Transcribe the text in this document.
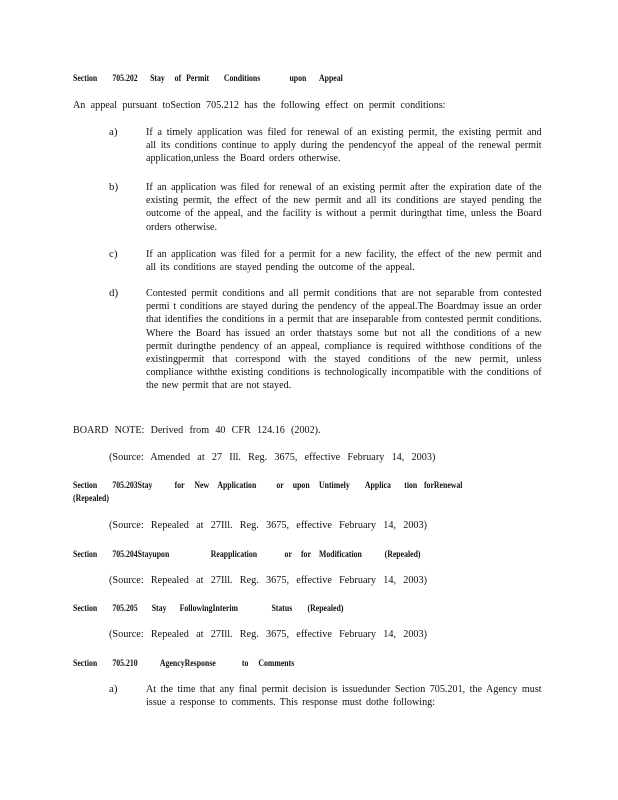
Section 705.202 Stay of Permit Conditions	upon Appeal
An appeal pursuant toSection 705.212 has the following effect on permit conditions:
a)	If a timely application was filed for renewal of an existing permit, the existing permit and all its conditions continue to apply during the pendencyof the appeal of the renewal permit application,unless the Board orders otherwise.
b)	If an application was filed for renewal of an existing permit after the expiration date of the existing permit, the effect of the new permit and all its conditions are stayed pending the outcome of the appeal, and the facility is without a permit duringthat time, unless the Board orders otherwise.
c)	If an application was filed for a permit for a new facility, the effect of the new permit and all its conditions are stayed pending the outcome of the appeal.
d)	Contested permit conditions and all permit conditions that are not separable from contested permi t conditions are stayed during the pendency of the appeal.The Boardmay issue an order that identifies the conditions in a permit that are inseparable from contested permit conditions. Where the Board has issued an order thatstays some but not all the conditions of a new permit duringthe pendency of an appeal, compliance is required withthose conditions of the existingpermit that correspond with the stayed conditions of the new permit, unless compliance withthe existing conditions is technologically incompatible with the conditions of the new permit that are not stayed.
BOARD NOTE: Derived from 40 CFR 124.16 (2002).
(Source: Amended at 27 Ill. Reg. 3675, effective February 14, 2003)
Section 705.203Stay for New Application or upon Untimely Applica tion forRenewal
(Repealed)
(Source: Repealed at 27Ill. Reg. 3675, effective February 14, 2003)
Section 705.204Stayupon	Reapplication	or for Modification (Repealed)
(Source: Repealed at 27Ill. Reg. 3675, effective February 14, 2003)
Section 705.205 Stay FollowingInterim	Status (Repealed)
(Source: Repealed at 27Ill. Reg. 3675, effective February 14, 2003)
Section 705.210 AgencyResponse	to Comments
a)	At the time that any final permit decision is issuedunder Section 705.201, the Agency must issue a response to comments. This response must dothe following:
